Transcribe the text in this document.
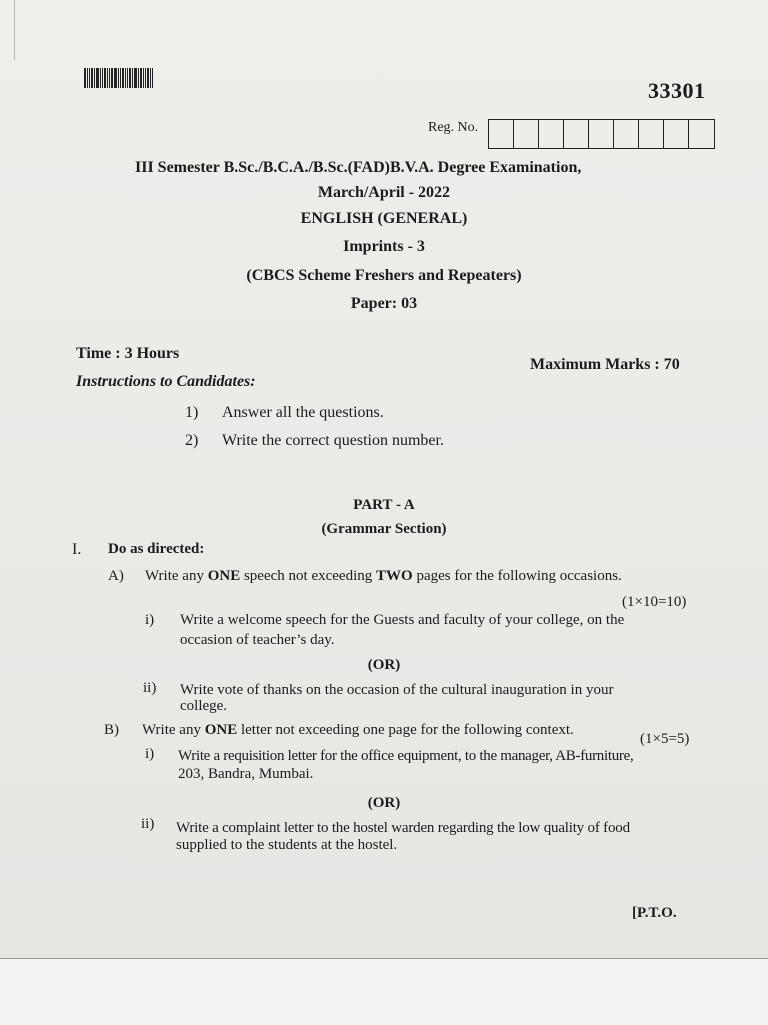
33301
Reg. No.
III Semester B.Sc./B.C.A./B.Sc.(FAD)B.V.A. Degree Examination,
March/April - 2022
ENGLISH (GENERAL)
Imprints - 3
(CBCS Scheme Freshers and Repeaters)
Paper: 03
Time : 3 Hours
Maximum Marks : 70
Instructions to Candidates:
1) Answer all the questions.
2) Write the correct question number.
PART - A
(Grammar Section)
I. Do as directed:
A) Write any ONE speech not exceeding TWO pages for the following occasions.
(1×10=10)
i) Write a welcome speech for the Guests and faculty of your college, on the
occasion of teacher’s day.
(OR)
ii) Write vote of thanks on the occasion of the cultural inauguration in your
college.
B) Write any ONE letter not exceeding one page for the following context.
(1×5=5)
i) Write a requisition letter for the office equipment, to the manager, AB-furniture,
203, Bandra, Mumbai.
(OR)
ii) Write a complaint letter to the hostel warden regarding the low quality of food
supplied to the students at the hostel.
[P.T.O.
